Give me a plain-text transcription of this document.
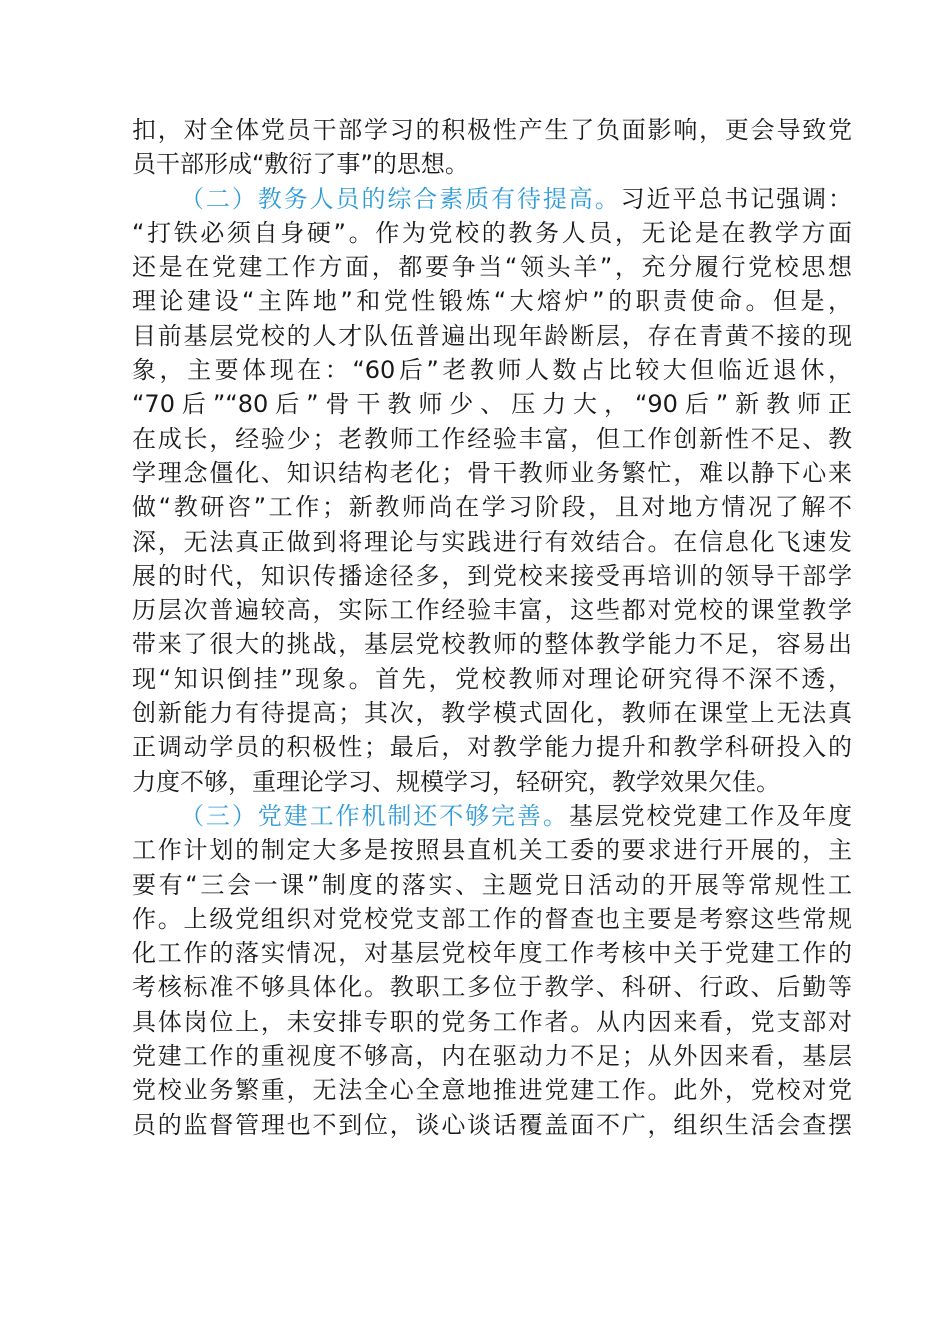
扣，对全体党员干部学习的积极性产生了负面影响，更会导致党
员干部形成“敷衍了事”的思想。
（二）教务人员的综合素质有待提高。习近平总书记强调：
“打铁必须自身硬”。作为党校的教务人员，无论是在教学方面
还是在党建工作方面，都要争当“领头羊”，充分履行党校思想
理论建设“主阵地”和党性锻炼“大熔炉”的职责使命。但是，
目前基层党校的人才队伍普遍出现年龄断层，存在青黄不接的现
象，主要体现在：“60后”老教师人数占比较大但临近退休，
“70后”“80后”骨干教师少、压力大，“90后”新教师正
在成长，经验少；老教师工作经验丰富，但工作创新性不足、教
学理念僵化、知识结构老化；骨干教师业务繁忙，难以静下心来
做“教研咨”工作；新教师尚在学习阶段，且对地方情况了解不
深，无法真正做到将理论与实践进行有效结合。在信息化飞速发
展的时代，知识传播途径多，到党校来接受再培训的领导干部学
历层次普遍较高，实际工作经验丰富，这些都对党校的课堂教学
带来了很大的挑战，基层党校教师的整体教学能力不足，容易出
现“知识倒挂”现象。首先，党校教师对理论研究得不深不透，
创新能力有待提高；其次，教学模式固化，教师在课堂上无法真
正调动学员的积极性；最后，对教学能力提升和教学科研投入的
力度不够，重理论学习、规模学习，轻研究，教学效果欠佳。
（三）党建工作机制还不够完善。基层党校党建工作及年度
工作计划的制定大多是按照县直机关工委的要求进行开展的，主
要有“三会一课”制度的落实、主题党日活动的开展等常规性工
作。上级党组织对党校党支部工作的督查也主要是考察这些常规
化工作的落实情况，对基层党校年度工作考核中关于党建工作的
考核标准不够具体化。教职工多位于教学、科研、行政、后勤等
具体岗位上，未安排专职的党务工作者。从内因来看，党支部对
党建工作的重视度不够高，内在驱动力不足；从外因来看，基层
党校业务繁重，无法全心全意地推进党建工作。此外，党校对党
员的监督管理也不到位，谈心谈话覆盖面不广，组织生活会查摆
